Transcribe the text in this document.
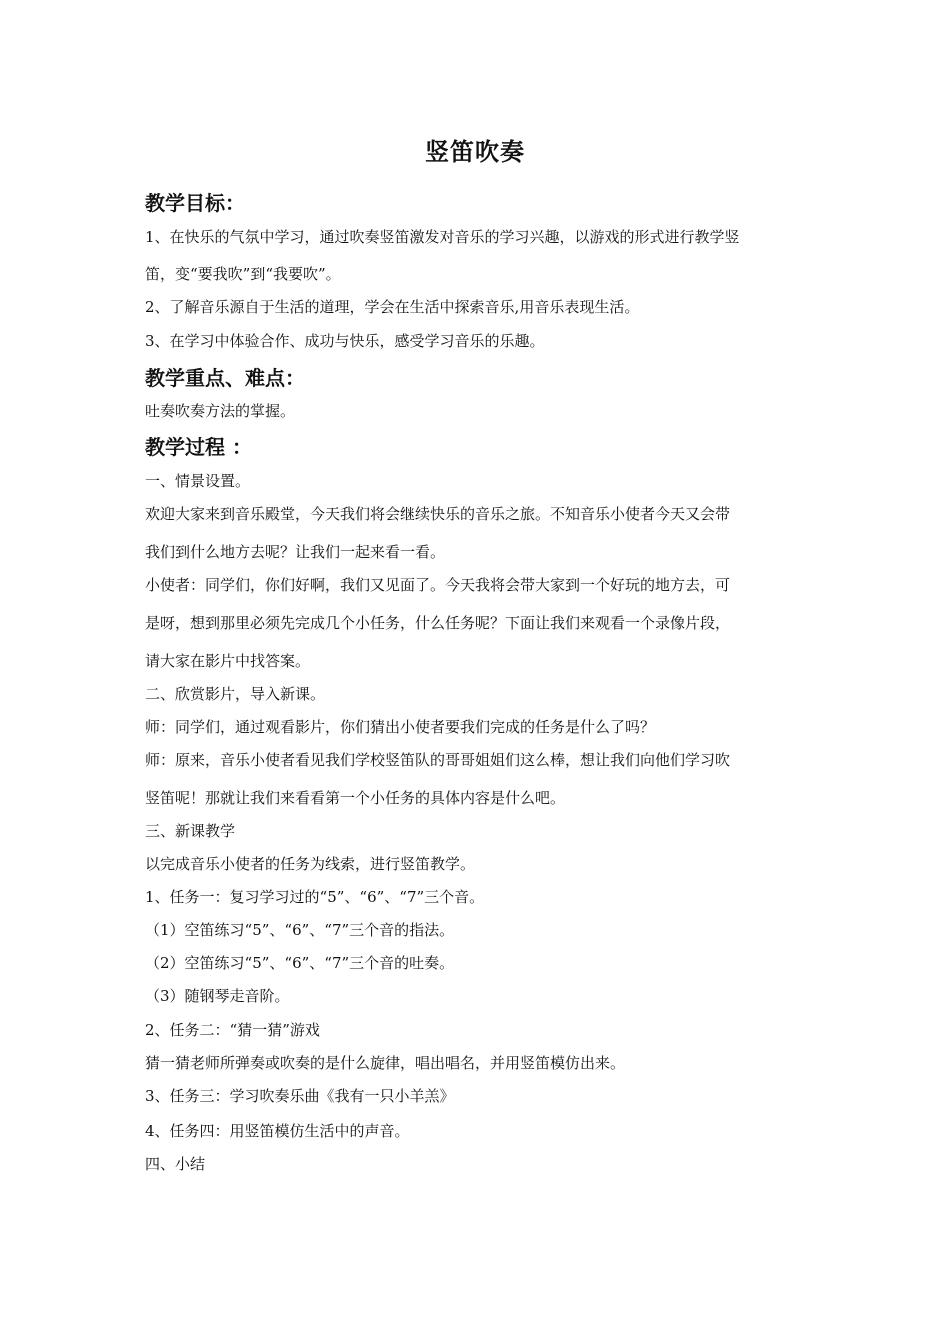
竖笛吹奏
教学目标：
1、在快乐的气氛中学习，通过吹奏竖笛激发对音乐的学习兴趣，以游戏的形式进行教学竖
笛，变“要我吹”到“我要吹”。
2、了解音乐源自于生活的道理，学会在生活中探索音乐,用音乐表现生活。
3、在学习中体验合作、成功与快乐，感受学习音乐的乐趣。
教学重点、难点：
吐奏吹奏方法的掌握。
教学过程 ：
一、情景设置。
欢迎大家来到音乐殿堂，今天我们将会继续快乐的音乐之旅。不知音乐小使者今天又会带
我们到什么地方去呢？让我们一起来看一看。
小使者：同学们，你们好啊，我们又见面了。今天我将会带大家到一个好玩的地方去，可
是呀，想到那里必须先完成几个小任务，什么任务呢？下面让我们来观看一个录像片段，
请大家在影片中找答案。
二、欣赏影片，导入新课。
师：同学们，通过观看影片，你们猜出小使者要我们完成的任务是什么了吗？
师：原来，音乐小使者看见我们学校竖笛队的哥哥姐姐们这么棒，想让我们向他们学习吹
竖笛呢！那就让我们来看看第一个小任务的具体内容是什么吧。
三、新课教学
以完成音乐小使者的任务为线索，进行竖笛教学。
1、任务一：复习学习过的“5”、“6”、“7”三个音。
（1）空笛练习“5”、“6”、“7”三个音的指法。
（2）空笛练习“5”、“6”、“7”三个音的吐奏。
（3）随钢琴走音阶。
2、任务二：“猜一猜”游戏
猜一猜老师所弹奏或吹奏的是什么旋律，唱出唱名，并用竖笛模仿出来。
3、任务三：学习吹奏乐曲《我有一只小羊羔》
4、任务四：用竖笛模仿生活中的声音。
四、小结
